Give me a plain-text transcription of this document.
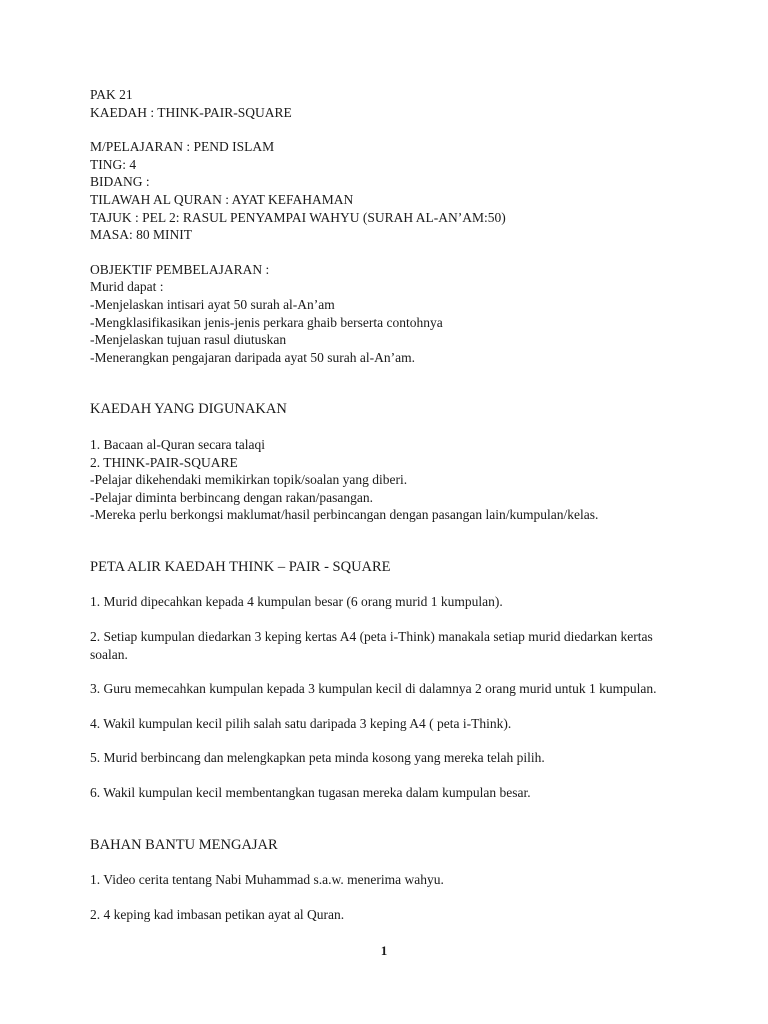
PAK 21
KAEDAH : THINK-PAIR-SQUARE
M/PELAJARAN : PEND ISLAM
TING: 4
BIDANG :
TILAWAH AL QURAN : AYAT KEFAHAMAN
TAJUK : PEL 2: RASUL PENYAMPAI WAHYU (SURAH AL-AN’AM:50)
MASA: 80 MINIT
OBJEKTIF PEMBELAJARAN :
Murid dapat :
-Menjelaskan intisari ayat 50 surah al-An’am
-Mengklasifikasikan jenis-jenis perkara ghaib berserta contohnya
-Menjelaskan tujuan rasul diutuskan
-Menerangkan pengajaran daripada ayat 50 surah al-An’am.
KAEDAH YANG DIGUNAKAN
1. Bacaan al-Quran secara talaqi
2. THINK-PAIR-SQUARE
-Pelajar dikehendaki memikirkan topik/soalan yang diberi.
-Pelajar diminta berbincang dengan rakan/pasangan.
-Mereka perlu berkongsi maklumat/hasil perbincangan dengan pasangan lain/kumpulan/kelas.
PETA ALIR KAEDAH THINK – PAIR - SQUARE
1. Murid dipecahkan kepada 4 kumpulan besar (6 orang murid 1 kumpulan).
2. Setiap kumpulan diedarkan 3 keping kertas A4 (peta i-Think) manakala setiap murid diedarkan kertas
soalan.
3. Guru memecahkan kumpulan kepada 3 kumpulan kecil di dalamnya 2 orang murid untuk 1 kumpulan.
4. Wakil kumpulan kecil pilih salah satu daripada 3 keping A4 ( peta i-Think).
5. Murid berbincang dan melengkapkan peta minda kosong yang mereka telah pilih.
6. Wakil kumpulan kecil membentangkan tugasan mereka dalam kumpulan besar.
BAHAN BANTU MENGAJAR
1. Video cerita tentang Nabi Muhammad s.a.w. menerima wahyu.
2. 4 keping kad imbasan petikan ayat al Quran.
1
